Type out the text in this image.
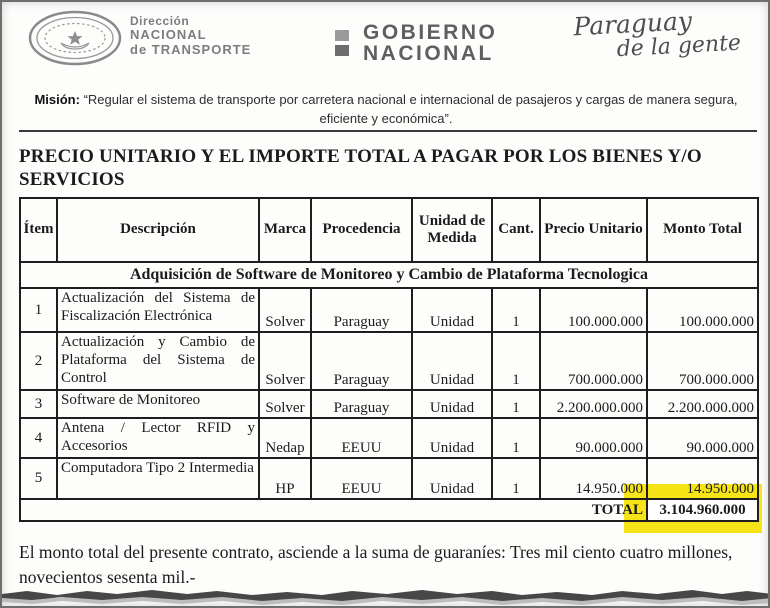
Dirección
NACIONAL
de TRANSPORTE
GOBIERNO
NACIONAL
Paraguay
de la gente

Misión: “Regular el sistema de transporte por carretera nacional e internacional de pasajeros y cargas de manera segura, eficiente y económica”.

PRECIO UNITARIO Y EL IMPORTE TOTAL A PAGAR POR LOS BIENES Y/O SERVICIOS
Ítem	Descripción	Marca	Procedencia	Unidad de Medida	Cant.	Precio Unitario	Monto Total
Adquisición de Software de Monitoreo y Cambio de Plataforma Tecnologica							
1	Actualización del Sistema de Fiscalización Electrónica	Solver	Paraguay	Unidad	1	100.000.000	100.000.000
2	Actualización y Cambio de Plataforma del Sistema de Control	Solver	Paraguay	Unidad	1	700.000.000	700.000.000
3	Software de Monitoreo	Solver	Paraguay	Unidad	1	2.200.000.000	2.200.000.000
4	Antena / Lector RFID y Accesorios	Nedap	EEUU	Unidad	1	90.000.000	90.000.000
5	Computadora Tipo 2 Intermedia	HP	EEUU	Unidad	1	14.950.000	14.950.000
TOTAL							3.104.960.000

El monto total del presente contrato, asciende a la suma de guaraníes: Tres mil ciento cuatro millones, novecientos sesenta mil.-
